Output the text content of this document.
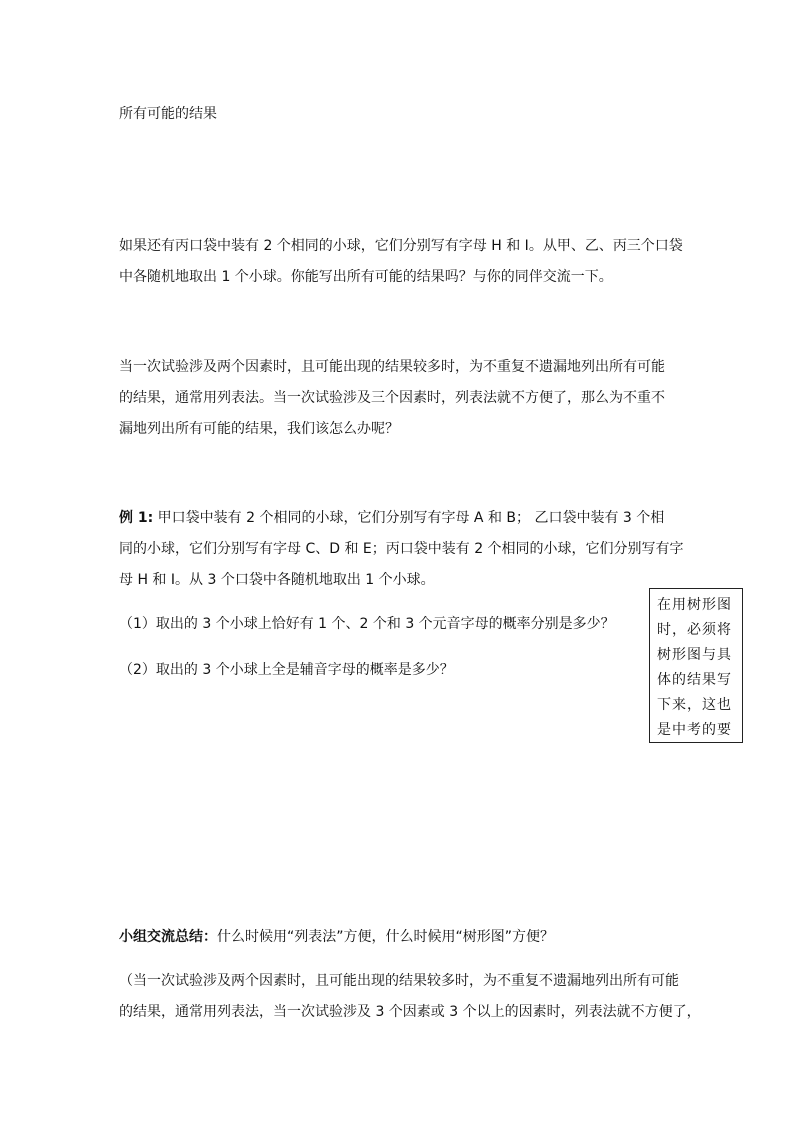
所有可能的结果
如果还有丙口袋中装有 2 个相同的小球，它们分别写有字母 H 和 I。从甲、乙、丙三个口袋
中各随机地取出 1 个小球。你能写出所有可能的结果吗？与你的同伴交流一下。
当一次试验涉及两个因素时，且可能出现的结果较多时，为不重复不遗漏地列出所有可能
的结果，通常用列表法。当一次试验涉及三个因素时，列表法就不方便了，那么为不重不
漏地列出所有可能的结果，我们该怎么办呢？
例 1: 甲口袋中装有 2 个相同的小球，它们分别写有字母 A 和 B； 乙口袋中装有 3 个相
同的小球，它们分别写有字母 C、D 和 E；丙口袋中装有 2 个相同的小球，它们分别写有字
母 H 和 I。从 3 个口袋中各随机地取出 1 个小球。
（1）取出的 3 个小球上恰好有 1 个、2 个和 3 个元音字母的概率分别是多少？
（2）取出的 3 个小球上全是辅音字母的概率是多少？
在用树形图
时，必须将
树形图与具
体的结果写
下来，这也
是中考的要
小组交流总结：什么时候用“列表法”方便，什么时候用“树形图”方便？
（当一次试验涉及两个因素时，且可能出现的结果较多时，为不重复不遗漏地列出所有可能
的结果，通常用列表法，当一次试验涉及 3 个因素或 3 个以上的因素时，列表法就不方便了，
